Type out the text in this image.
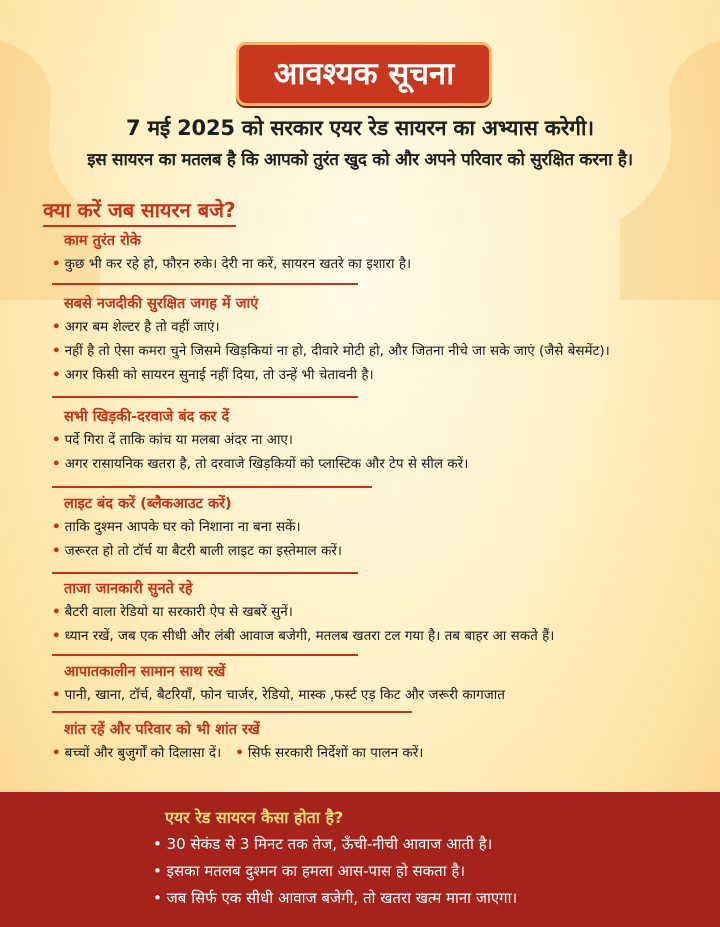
आवश्यक सूचना
7 मई 2025 को सरकार एयर रेड सायरन का अभ्यास करेगी।
इस सायरन का मतलब है कि आपको तुरंत खुद को और अपने परिवार को सुरक्षित करना है।
क्या करें जब सायरन बजे?
काम तुरंत रोके
• कुछ भी कर रहे हो, फौरन रुके। देरी ना करें, सायरन खतरे का इशारा है।
सबसे नजदीकी सुरक्षित जगह में जाएं
• अगर बम शेल्टर है तो वहीं जाएं।
• नहीं है तो ऐसा कमरा चुने जिसमे खिड़कियां ना हो, दीवारे मोटी हो, और जितना नीचे जा सके जाएं (जैसे बेसमेंट)।
• अगर किसी को सायरन सुनाई नहीं दिया, तो उन्हें भी चेतावनी है।
सभी खिड़की-दरवाजे बंद कर दें
• पर्दे गिरा दें ताकि कांच या मलबा अंदर ना आए।
• अगर रासायनिक खतरा है, तो दरवाजे खिड़कियों को प्लास्टिक और टेप से सील करें।
लाइट बंद करें (ब्लैकआउट करें)
• ताकि दुश्मन आपके घर को निशाना ना बना सकें।
• जरूरत हो तो टॉर्च या बैटरी बाली लाइट का इस्तेमाल करें।
ताजा जानकारी सुनते रहे
• बैटरी वाला रेडियो या सरकारी ऐप से खबरें सुनें।
• ध्यान रखें, जब एक सीधी और लंबी आवाज बजेगी, मतलब खतरा टल गया है। तब बाहर आ सकते हैं।
आपातकालीन सामान साथ रखें
• पानी, खाना, टॉर्च, बैटरियाँ, फोन चार्जर, रेडियो, मास्क ,फर्स्ट एड़ किट और जरूरी कागजात
शांत रहें और परिवार को भी शांत रखें
• बच्चों और बुजुर्गों को दिलासा दें। • सिर्फ सरकारी निर्देशों का पालन करें।
एयर रेड सायरन कैसा होता है?
• 30 सेकंड से 3 मिनट तक तेज, ऊँची-नीची आवाज आती है।
• इसका मतलब दुश्मन का हमला आस-पास हो सकता है।
• जब सिर्फ एक सीधी आवाज बजेगी, तो खतरा खत्म माना जाएगा।
